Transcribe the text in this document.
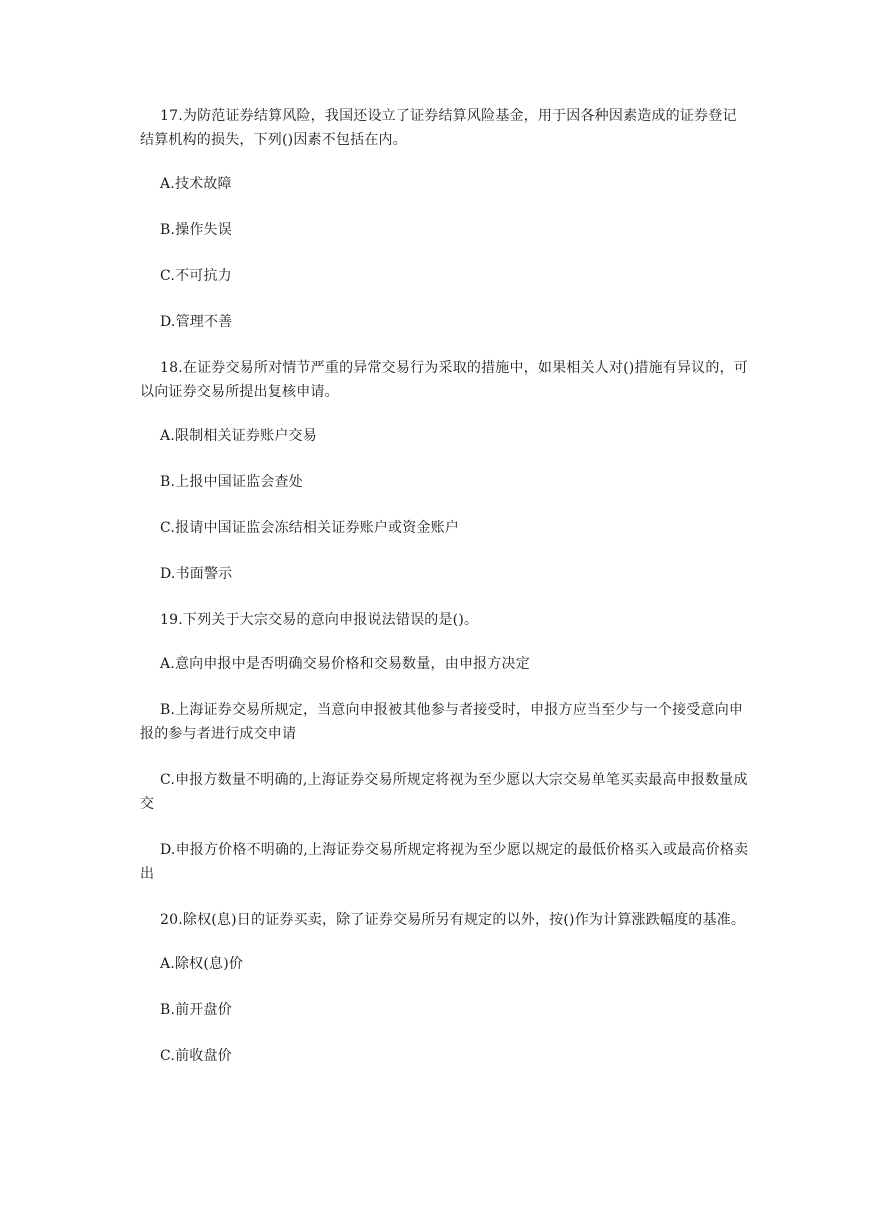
17.为防范证券结算风险，我国还设立了证券结算风险基金，用于因各种因素造成的证券登记结算机构的损失，下列()因素不包括在内。

A.技术故障

B.操作失误

C.不可抗力

D.管理不善

18.在证券交易所对情节严重的异常交易行为采取的措施中，如果相关人对()措施有异议的，可以向证券交易所提出复核申请。

A.限制相关证券账户交易

B.上报中国证监会查处

C.报请中国证监会冻结相关证券账户或资金账户

D.书面警示

19.下列关于大宗交易的意向申报说法错误的是()。

A.意向申报中是否明确交易价格和交易数量，由申报方决定

B.上海证券交易所规定，当意向申报被其他参与者接受时，申报方应当至少与一个接受意向申报的参与者进行成交申请

C.申报方数量不明确的,上海证券交易所规定将视为至少愿以大宗交易单笔买卖最高申报数量成交

D.申报方价格不明确的,上海证券交易所规定将视为至少愿以规定的最低价格买入或最高价格卖出

20.除权(息)日的证券买卖，除了证券交易所另有规定的以外，按()作为计算涨跌幅度的基准。

A.除权(息)价

B.前开盘价

C.前收盘价
